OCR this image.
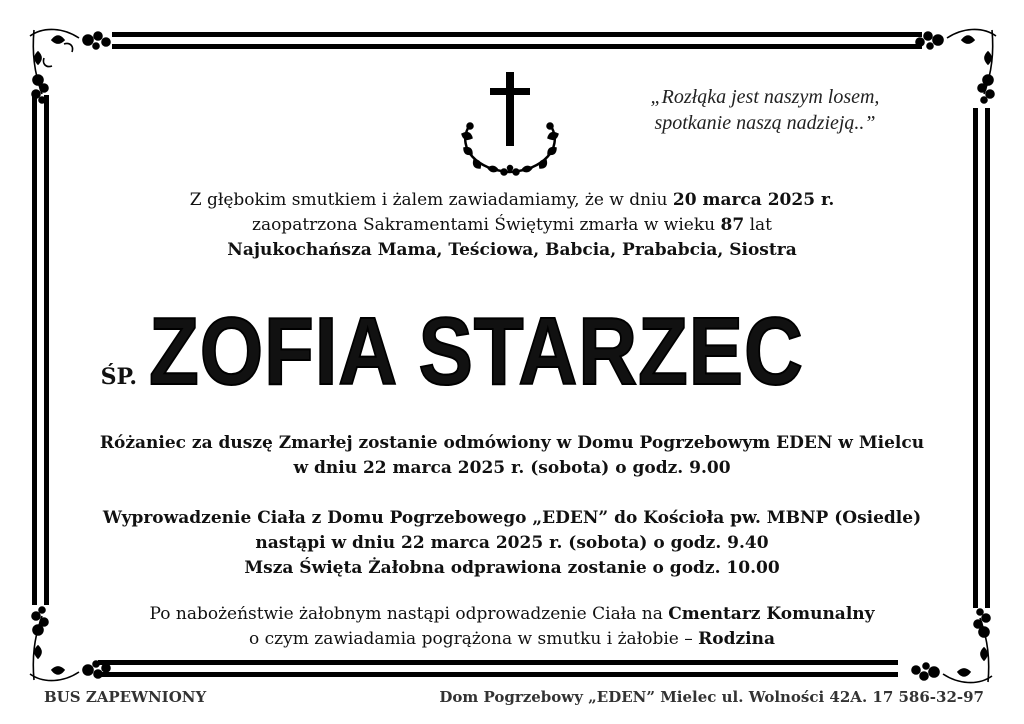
„Rozłąka jest naszym losem,
spotkanie naszą nadzieją..”
Z głębokim smutkiem i żalem zawiadamiamy, że w dniu 20 marca 2025 r.
zaopatrzona Sakramentami Świętymi zmarła w wieku 87 lat
Najukochańsza Mama, Teściowa, Babcia, Prababcia, Siostra
ŚP. ZOFIA STARZEC
Różaniec za duszę Zmarłej zostanie odmówiony w Domu Pogrzebowym EDEN w Mielcu
w dniu 22 marca 2025 r. (sobota) o godz. 9.00
Wyprowadzenie Ciała z Domu Pogrzebowego „EDEN” do Kościoła pw. MBNP (Osiedle)
nastąpi w dniu 22 marca 2025 r. (sobota) o godz. 9.40
Msza Święta Żałobna odprawiona zostanie o godz. 10.00
Po nabożeństwie żałobnym nastąpi odprowadzenie Ciała na Cmentarz Komunalny
o czym zawiadamia pogrążona w smutku i żałobie – Rodzina
BUS ZAPEWNIONY	Dom Pogrzebowy „EDEN” Mielec ul. Wolności 42A. 17 586-32-97
